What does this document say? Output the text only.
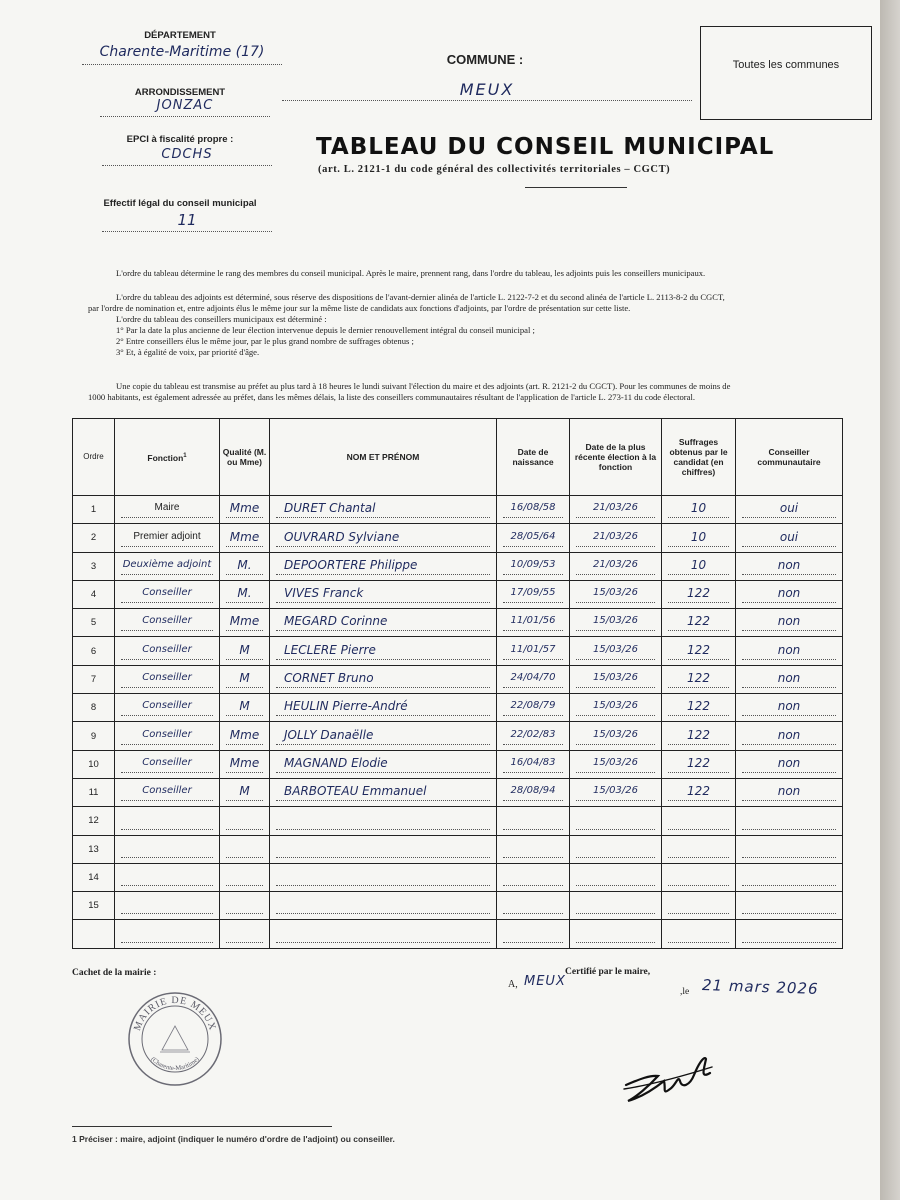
DÉPARTEMENT
Charente-Maritime (17)
ARRONDISSEMENT
JONZAC
EPCI à fiscalité propre :
CDCHS
Effectif légal du conseil municipal
11
COMMUNE :
MEUX
Toutes les communes
TABLEAU DU CONSEIL MUNICIPAL
(art. L. 2121-1 du code général des collectivités territoriales – CGCT)
L'ordre du tableau détermine le rang des membres du conseil municipal. Après le maire, prennent rang, dans l'ordre du tableau, les adjoints puis les conseillers municipaux.
L'ordre du tableau des adjoints est déterminé, sous réserve des dispositions de l'avant-dernier alinéa de l'article L. 2122-7-2 et du second alinéa de l'article L. 2113-8-2 du CGCT,
par l'ordre de nomination et, entre adjoints élus le même jour sur la même liste de candidats aux fonctions d'adjoints, par l'ordre de présentation sur cette liste.
L'ordre du tableau des conseillers municipaux est déterminé :
1° Par la date la plus ancienne de leur élection intervenue depuis le dernier renouvellement intégral du conseil municipal ;
2° Entre conseillers élus le même jour, par le plus grand nombre de suffrages obtenus ;
3° Et, à égalité de voix, par priorité d'âge.
Une copie du tableau est transmise au préfet au plus tard à 18 heures le lundi suivant l'élection du maire et des adjoints (art. R. 2121-2 du CGCT). Pour les communes de moins de
1000 habitants, est également adressée au préfet, dans les mêmes délais, la liste des conseillers communautaires résultant de l'application de l'article L. 273-11 du code électoral.
Ordre	Fonction$^1$	Qualité (M. ou Mme)	NOM ET PRÉNOM	Date de naissance	Date de la plus récente élection à la fonction	Suffrages obtenus par le candidat (en chiffres)	Conseiller communautaire
1	Maire	Mme	DURET Chantal	16/08/58	21/03/26	10	oui

2	Premier adjoint	Mme	OUVRARD Sylviane	28/05/64	21/03/26	10	oui

3	Deuxième adjoint	M.	DEPOORTERE Philippe	10/09/53	21/03/26	10	non

4	Conseiller	M.	VIVES Franck	17/09/55	15/03/26	122	non

5	Conseiller	Mme	MEGARD Corinne	11/01/56	15/03/26	122	non

6	Conseiller	M	LECLERE Pierre	11/01/57	15/03/26	122	non

7	Conseiller	M	CORNET Bruno	24/04/70	15/03/26	122	non

8	Conseiller	M	HEULIN Pierre-André	22/08/79	15/03/26	122	non

9	Conseiller	Mme	JOLLY Danaëlle	22/02/83	15/03/26	122	non

10	Conseiller	Mme	MAGNAND Elodie	16/04/83	15/03/26	122	non

11	Conseiller	M	BARBOTEAU Emmanuel	28/08/94	15/03/26	122	non

12	

13	

14	

15	

Cachet de la mairie :
A, MEUX
Certifié par le maire,
,le 21 mars 2026
MAIRIE DE MEUX
(Charente-Maritime)
1 Préciser : maire, adjoint (indiquer le numéro d'ordre de l'adjoint) ou conseiller.
